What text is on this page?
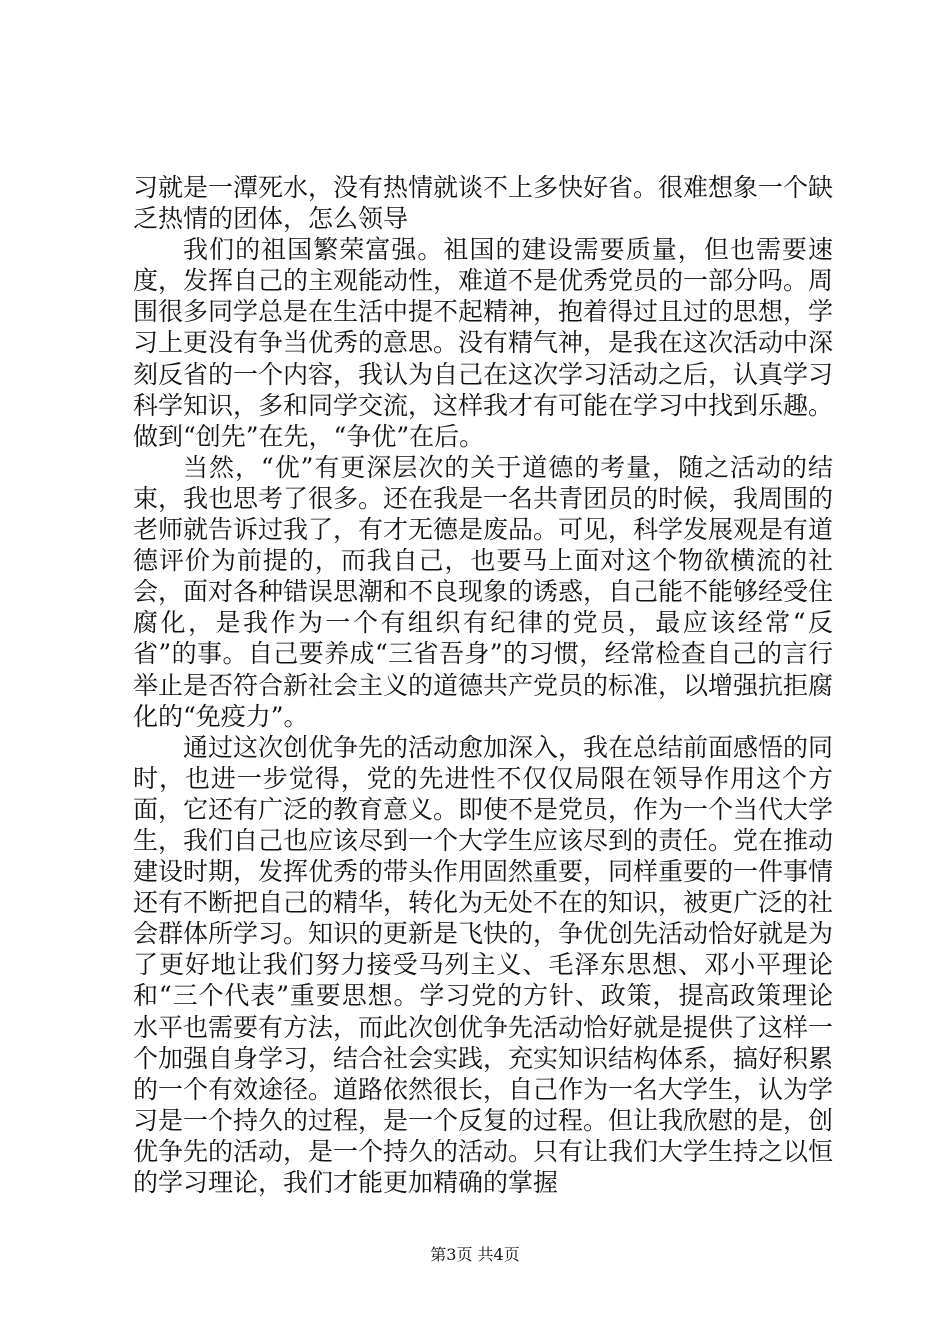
习就是一潭死水，没有热情就谈不上多快好省。很难想象一个缺乏热情的团体，怎么领导

我们的祖国繁荣富强。祖国的建设需要质量，但也需要速度，发挥自己的主观能动性，难道不是优秀党员的一部分吗。周围很多同学总是在生活中提不起精神，抱着得过且过的思想，学习上更没有争当优秀的意思。没有精气神，是我在这次活动中深刻反省的一个内容，我认为自己在这次学习活动之后，认真学习科学知识，多和同学交流，这样我才有可能在学习中找到乐趣。做到“创先”在先，“争优”在后。

当然，“优”有更深层次的关于道德的考量，随之活动的结束，我也思考了很多。还在我是一名共青团员的时候，我周围的老师就告诉过我了，有才无德是废品。可见，科学发展观是有道德评价为前提的，而我自己，也要马上面对这个物欲横流的社会，面对各种错误思潮和不良现象的诱惑，自己能不能够经受住腐化，是我作为一个有组织有纪律的党员，最应该经常“反省”的事。自己要养成“三省吾身”的习惯，经常检查自己的言行举止是否符合新社会主义的道德共产党员的标准，以增强抗拒腐化的“免疫力”。

通过这次创优争先的活动愈加深入，我在总结前面感悟的同时，也进一步觉得，党的先进性不仅仅局限在领导作用这个方面，它还有广泛的教育意义。即使不是党员，作为一个当代大学生，我们自己也应该尽到一个大学生应该尽到的责任。党在推动建设时期，发挥优秀的带头作用固然重要，同样重要的一件事情还有不断把自己的精华，转化为无处不在的知识，被更广泛的社会群体所学习。知识的更新是飞快的，争优创先活动恰好就是为了更好地让我们努力接受马列主义、毛泽东思想、邓小平理论和“三个代表”重要思想。学习党的方针、政策，提高政策理论水平也需要有方法，而此次创优争先活动恰好就是提供了这样一个加强自身学习，结合社会实践，充实知识结构体系，搞好积累的一个有效途径。道路依然很长，自己作为一名大学生，认为学习是一个持久的过程，是一个反复的过程。但让我欣慰的是，创优争先的活动，是一个持久的活动。只有让我们大学生持之以恒的学习理论，我们才能更加精确的掌握

第3页 共4页
